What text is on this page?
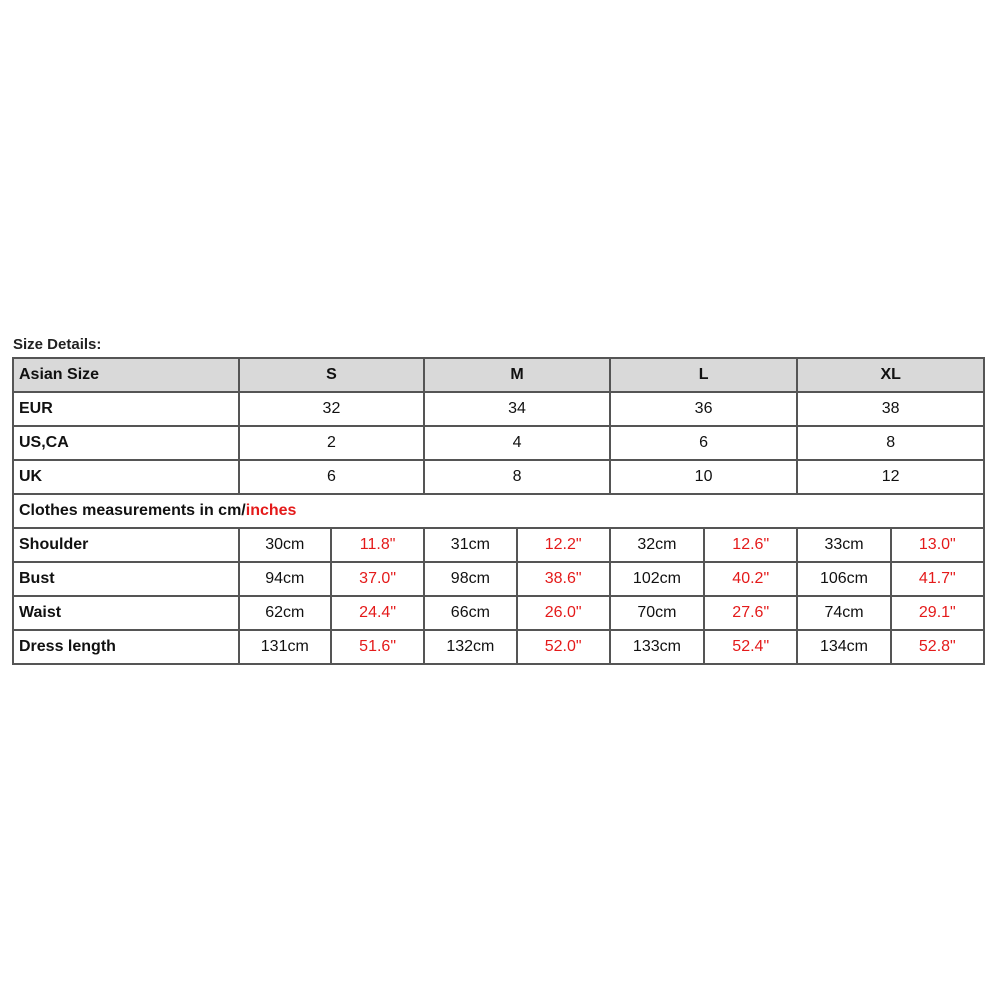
Size Details:
Asian Size	S		M		L		XL	
EUR	32		34		36		38	
US,CA	2		4		6		8	
UK	6		8		10		12	
Clothes measurements in cm/inches								
Shoulder	30cm	11.8"	31cm	12.2"	32cm	12.6"	33cm	13.0"
Bust	94cm	37.0"	98cm	38.6"	102cm	40.2"	106cm	41.7"
Waist	62cm	24.4"	66cm	26.0"	70cm	27.6"	74cm	29.1"
Dress length	131cm	51.6"	132cm	52.0"	133cm	52.4"	134cm	52.8"
